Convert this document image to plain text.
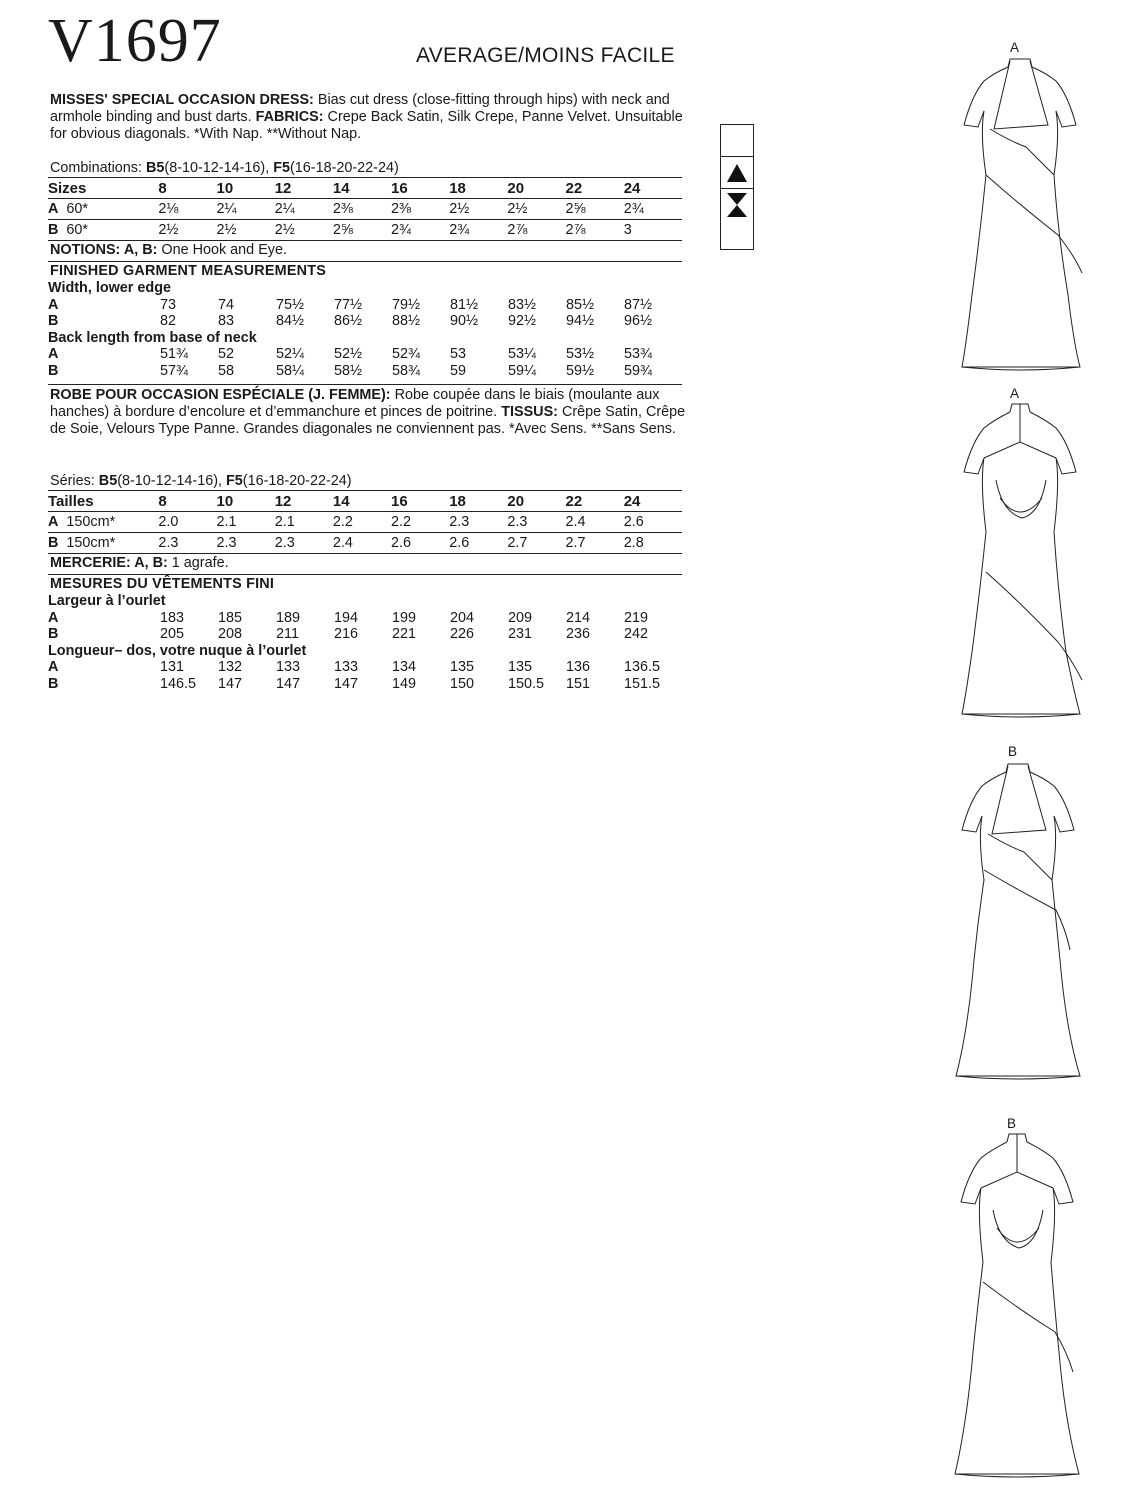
V1697	AVERAGE/MOINS FACILE
MISSES' SPECIAL OCCASION DRESS: Bias cut dress (close-fitting through hips) with neck and armhole binding and bust darts. FABRICS: Crepe Back Satin, Silk Crepe, Panne Velvet. Unsuitable for obvious diagonals. *With Nap. **Without Nap.
Combinations: B5(8-10-12-14-16), F5(16-18-20-22-24)
Sizes	8	10	12	14	16	18	20	22	24
A 60*	2⅛	2¼	2¼	2⅜	2⅜	2½	2½	2⅝	2¾
B 60*	2½	2½	2½	2⅝	2¾	2¾	2⅞	2⅞	3
NOTIONS: A, B: One Hook and Eye.
FINISHED GARMENT MEASUREMENTS
Width, lower edge									
A	73	74	75½	77½	79½	81½	83½	85½	87½
B	82	83	84½	86½	88½	90½	92½	94½	96½
Back length from base of neck									
A	51¾	52	52¼	52½	52¾	53	53¼	53½	53¾
B	57¾	58	58¼	58½	58¾	59	59¼	59½	59¾
ROBE POUR OCCASION ESPÉCIALE (J. FEMME): Robe coupée dans le biais (moulante aux hanches) à bordure d’encolure et d’emmanchure et pinces de poitrine. TISSUS: Crêpe Satin, Crêpe de Soie, Velours Type Panne. Grandes diagonales ne conviennent pas. *Avec Sens. **Sans Sens.
Séries: B5(8-10-12-14-16), F5(16-18-20-22-24)
Tailles	8	10	12	14	16	18	20	22	24
A 150cm*	2.0	2.1	2.1	2.2	2.2	2.3	2.3	2.4	2.6
B 150cm*	2.3	2.3	2.3	2.4	2.6	2.6	2.7	2.7	2.8
MERCERIE: A, B: 1 agrafe.
MESURES DU VÊTEMENTS FINI
Largeur à l’ourlet									
A	183	185	189	194	199	204	209	214	219
B	205	208	211	216	221	226	231	236	242
Longueur– dos, votre nuque à l’ourlet									
A	131	132	133	133	134	135	135	136	136.5
B	146.5	147	147	147	149	150	150.5	151	151.5
A
A
B
B
